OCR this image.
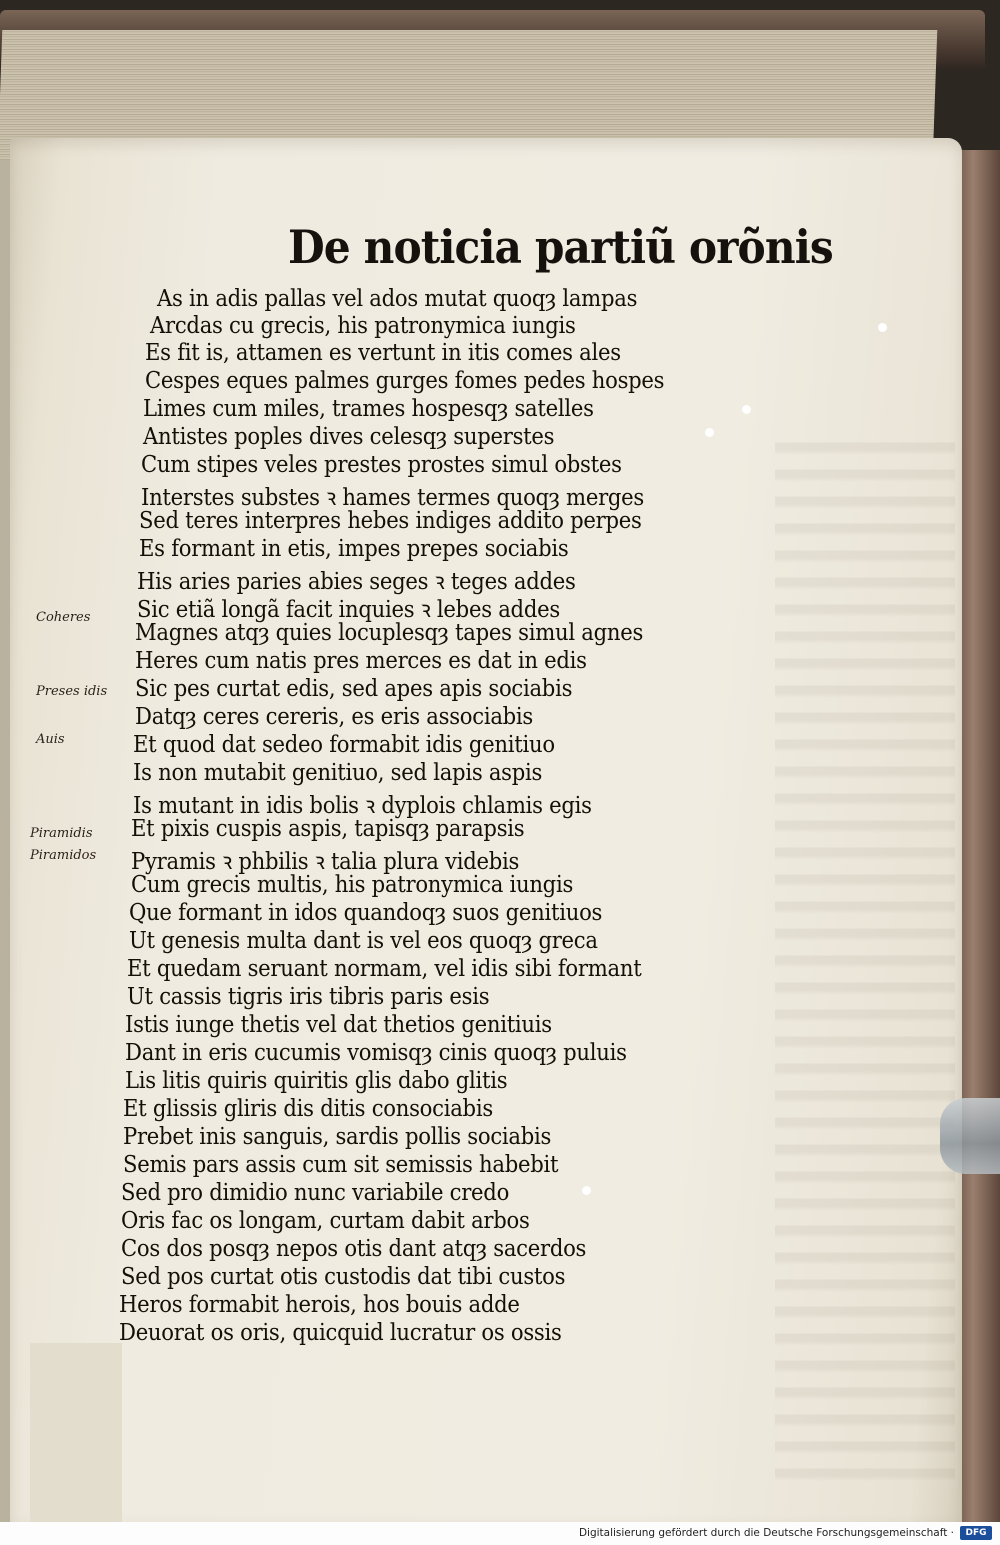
De noticia partiũ orõnis
As in adis pallas vel ados mutat quoqȝ lampas
Arcdas cu grecis, his patronymica iungis
Es fit is, attamen es vertunt in itis comes ales
Cespes eques palmes gurges fomes pedes hospes
Limes cum miles, trames hospesqȝ satelles
Antistes poples dives celesqȝ superstes
Cum stipes veles prestes prostes simul obstes
Interstes substes ꝛ hames termes quoqȝ merges
Sed teres interpres hebes indiges addito perpes
Es formant in etis, impes prepes sociabis
His aries paries abies seges ꝛ teges addes
Sic etiã longã facit inquies ꝛ lebes addes
Magnes atqȝ quies locuplesqȝ tapes simul agnes
Heres cum natis pres merces es dat in edis
Sic pes curtat edis, sed apes apis sociabis
Datqȝ ceres cereris, es eris associabis
Et quod dat sedeo formabit idis genitiuo
Is non mutabit genitiuo, sed lapis aspis
Is mutant in idis bolis ꝛ dyplois chlamis egis
Et pixis cuspis aspis, tapisqȝ parapsis
Pyramis ꝛ phbilis ꝛ talia plura videbis
Cum grecis multis, his patronymica iungis
Que formant in idos quandoqȝ suos genitiuos
Ut genesis multa dant is vel eos quoqȝ greca
Et quedam seruant normam, vel idis sibi formant
Ut cassis tigris iris tibris paris esis
Istis iunge thetis vel dat thetios genitiuis
Dant in eris cucumis vomisqȝ cinis quoqȝ puluis
Lis litis quiris quiritis glis dabo glitis
Et glissis gliris dis ditis consociabis
Prebet inis sanguis, sardis pollis sociabis
Semis pars assis cum sit semissis habebit
Sed pro dimidio nunc variabile credo
Oris fac os longam, curtam dabit arbos
Cos dos posqȝ nepos otis dant atqȝ sacerdos
Sed pos curtat otis custodis dat tibi custos
Heros formabit herois, hos bouis adde
Deuorat os oris, quicquid lucratur os ossis
Coheres
Preses idis
Auis
Piramidis
Piramidos
Digitalisierung gefördert durch die Deutsche Forschungsgemeinschaft ·	DFG
